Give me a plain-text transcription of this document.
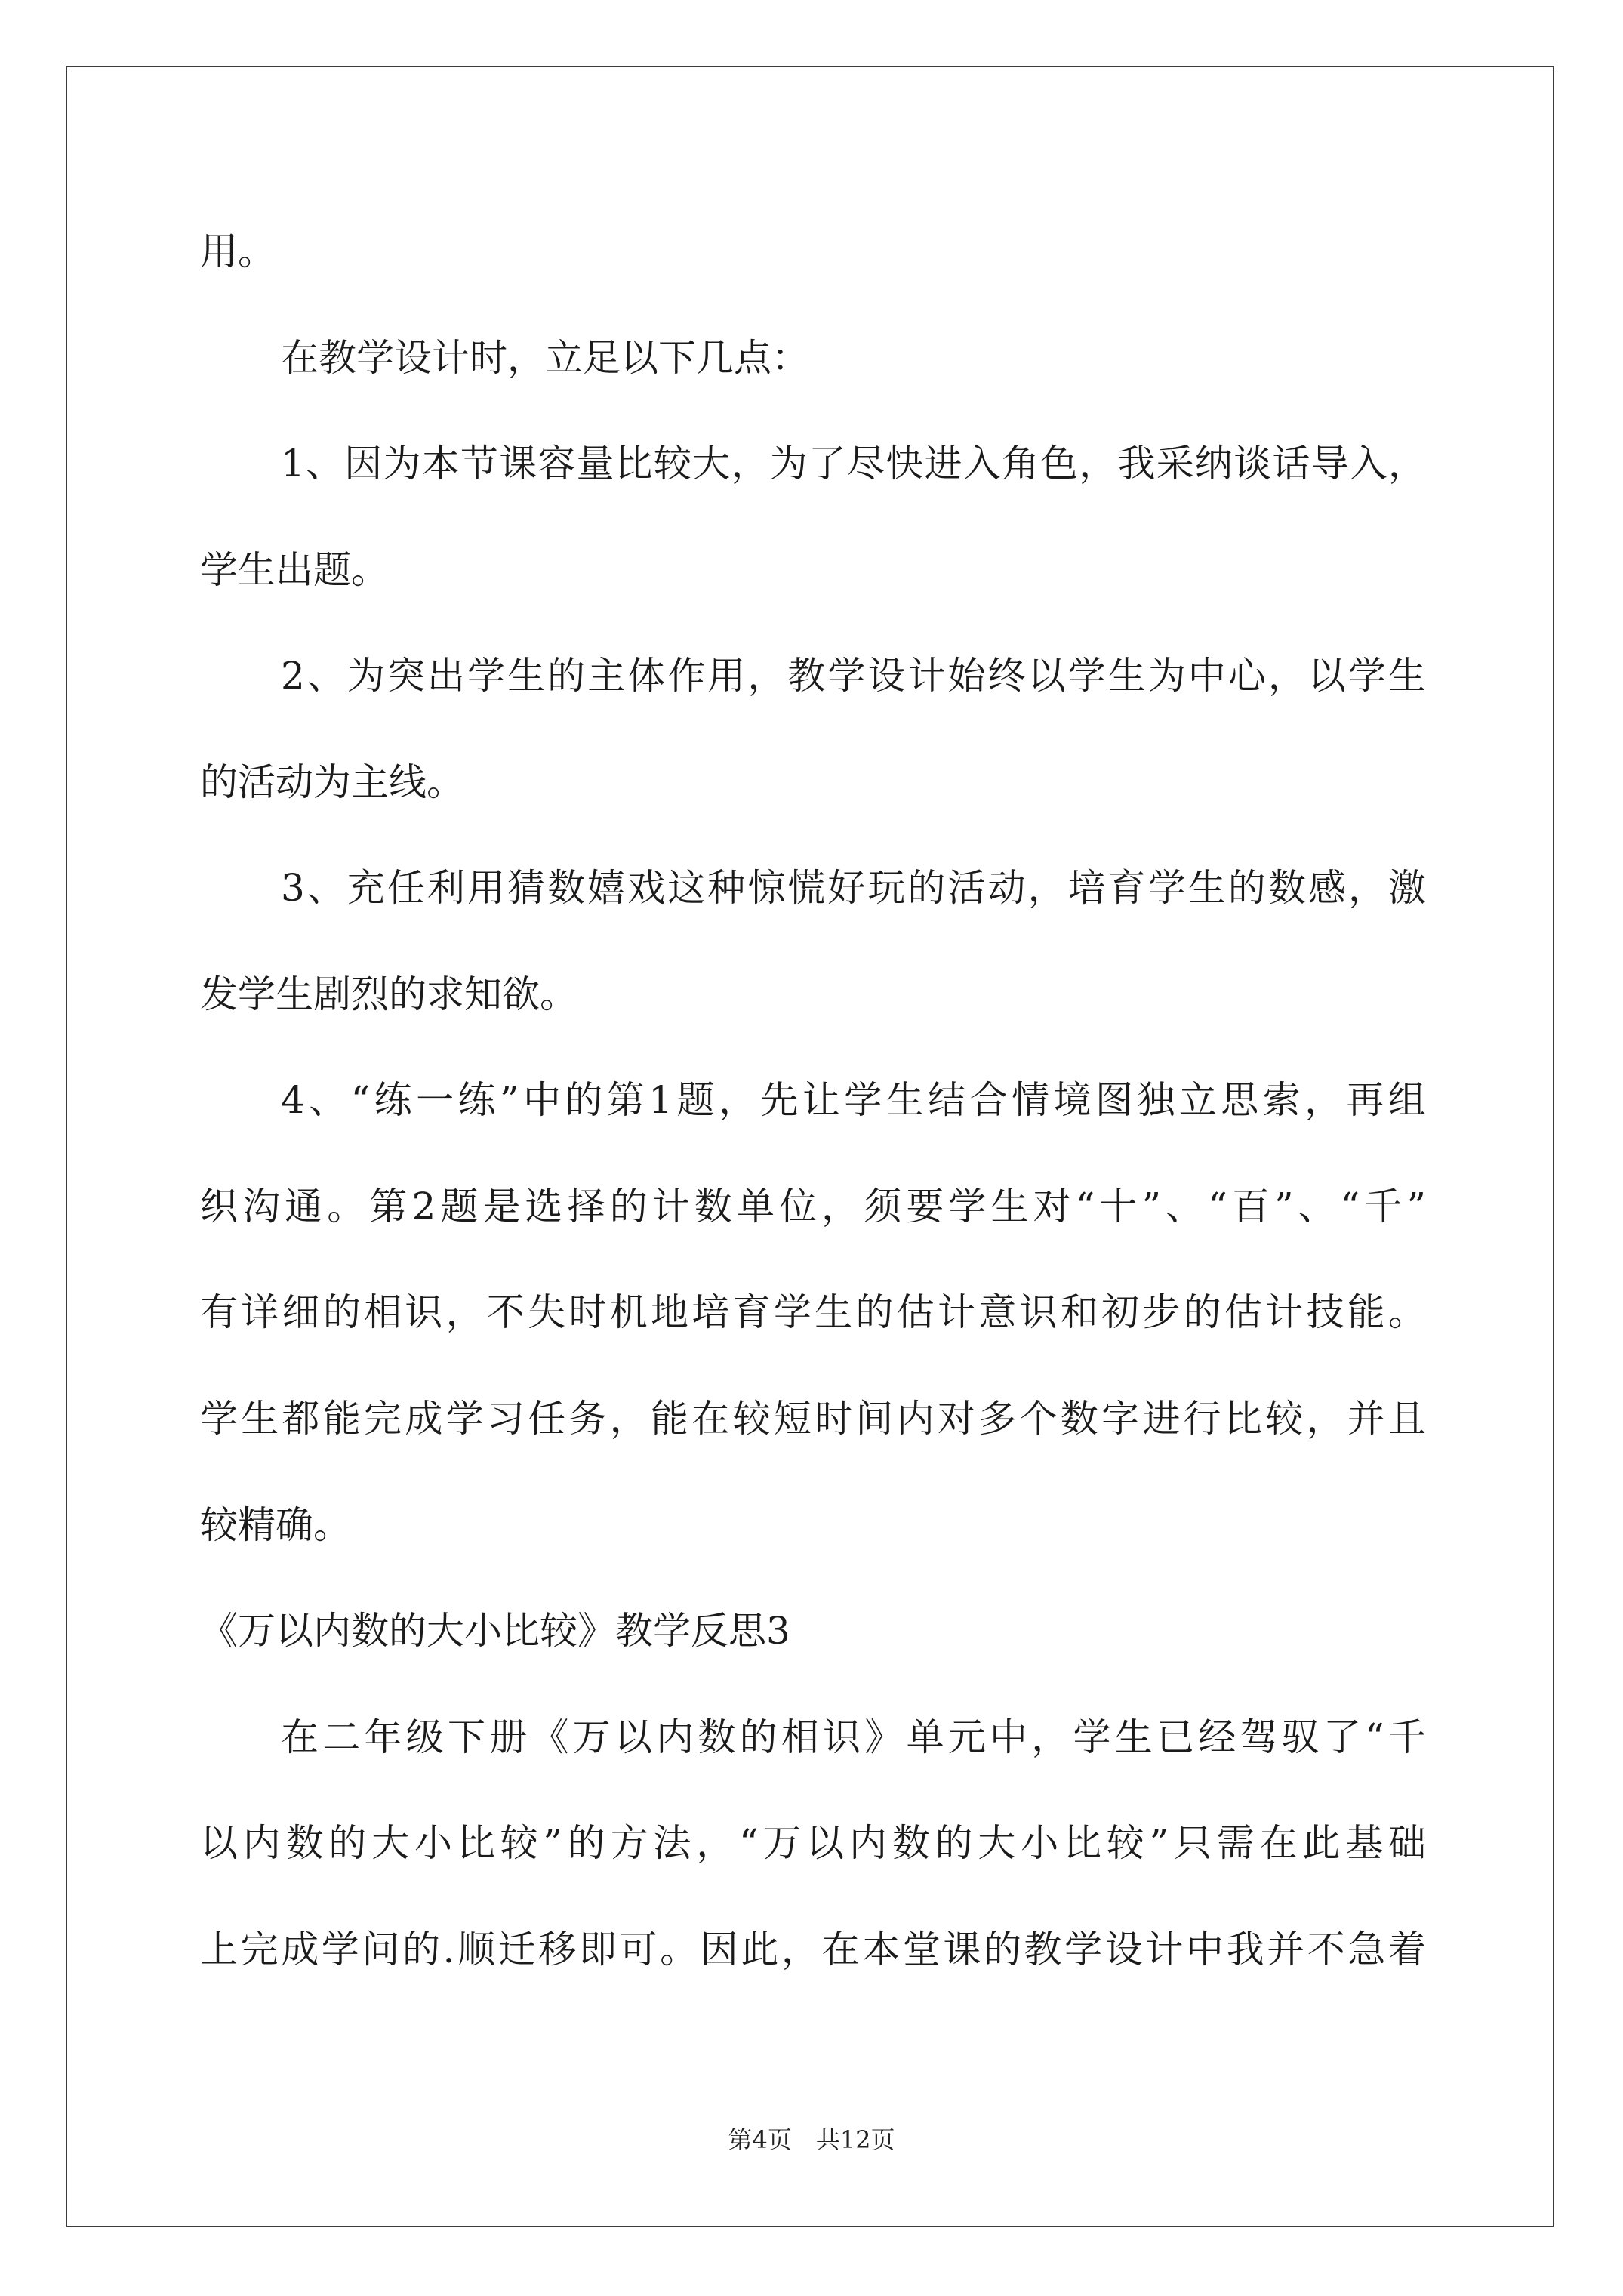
用。
在教学设计时，立足以下几点：
1、因为本节课容量比较大，为了尽快进入角色，我采纳谈话导入，
学生出题。
2、为突出学生的主体作用，教学设计始终以学生为中心，以学生
的活动为主线。
3、充任利用猜数嬉戏这种惊慌好玩的活动，培育学生的数感，激
发学生剧烈的求知欲。
4、“练一练”中的第1题，先让学生结合情境图独立思索，再组
织沟通。第2题是选择的计数单位，须要学生对“十”、“百”、“千”
有详细的相识，不失时机地培育学生的估计意识和初步的估计技能。
学生都能完成学习任务，能在较短时间内对多个数字进行比较，并且
较精确。
《万以内数的大小比较》教学反思3
在二年级下册《万以内数的相识》单元中，学生已经驾驭了“千
以内数的大小比较”的方法，“万以内数的大小比较”只需在此基础
上完成学问的.顺迁移即可。因此，在本堂课的教学设计中我并不急着
第4页　共12页
